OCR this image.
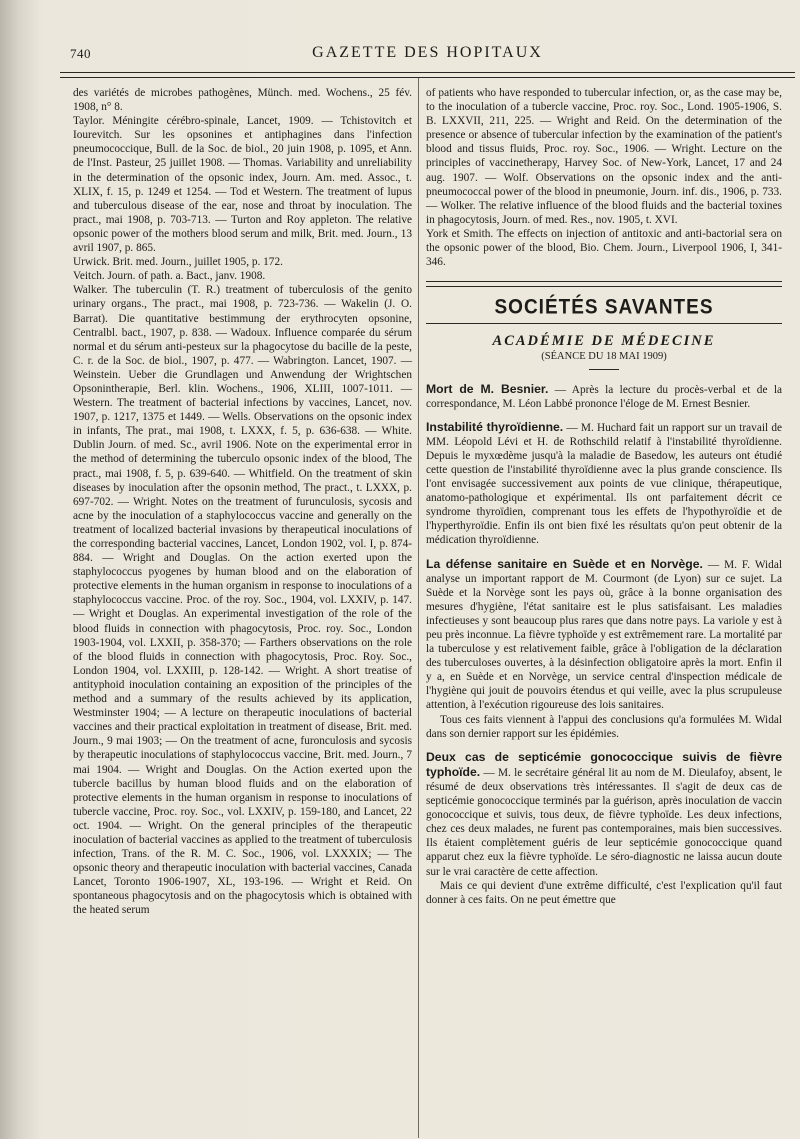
740	GAZETTE DES HOPITAUX

des variétés de microbes pathogènes, Münch. med. Wochens., 25 fév. 1908, n° 8.

Taylor. Méningite cérébro-spinale, Lancet, 1909. — Tchistovitch et Iourevitch. Sur les opsonines et antiphagines dans l'infection pneumococcique, Bull. de la Soc. de biol., 20 juin 1908, p. 1095, et Ann. de l'Inst. Pasteur, 25 juillet 1908. — Thomas. Variability and unreliability in the determination of the opsonic index, Journ. Am. med. Assoc., t. XLIX, f. 15, p. 1249 et 1254. — Tod et Western. The treatment of lupus and tuberculous disease of the ear, nose and throat by inoculation. The pract., mai 1908, p. 703-713. — Turton and Roy appleton. The relative opsonic power of the mothers blood serum and milk, Brit. med. Journ., 13 avril 1907, p. 865.

Urwick. Brit. med. Journ., juillet 1905, p. 172.

Veitch. Journ. of path. a. Bact., janv. 1908.

Walker. The tuberculin (T. R.) treatment of tuberculosis of the genito urinary organs., The pract., mai 1908, p. 723-736. — Wakelin (J. O. Barrat). Die quantitative bestimmung der erythrocyten opsonine, Centralbl. bact., 1907, p. 838. — Wadoux. Influence comparée du sérum normal et du sérum anti-pesteux sur la phagocytose du bacille de la peste, C. r. de la Soc. de biol., 1907, p. 477. — Wabrington. Lancet, 1907. — Weinstein. Ueber die Grundlagen und Anwendung der Wrightschen Opsonintherapie, Berl. klin. Wochens., 1906, XLIII, 1007-1011. — Western. The treatment of bacterial infections by vaccines, Lancet, nov. 1907, p. 1217, 1375 et 1449. — Wells. Observations on the opsonic index in infants, The prat., mai 1908, t. LXXX, f. 5, p. 636-638. — White. Dublin Journ. of med. Sc., avril 1906. Note on the experimental error in the method of determining the tuberculo opsonic index of the blood, The pract., mai 1908, f. 5, p. 639-640. — Whitfield. On the treatment of skin diseases by inoculation after the opsonin method, The pract., t. LXXX, p. 697-702. — Wright. Notes on the treatment of furunculosis, sycosis and acne by the inoculation of a staphylococcus vaccine and generally on the treatment of localized bacterial invasions by therapeutical inoculations of the corresponding bacterial vaccines, Lancet, London 1902, vol. I, p. 874-884. — Wright and Douglas. On the action exerted upon the staphylococcus pyogenes by human blood and on the elaboration of protective elements in the human organism in response to inoculations of a staphylococcus vaccine. Proc. of the roy. Soc., 1904, vol. LXXIV, p. 147. — Wright et Douglas. An experimental investigation of the role of the blood fluids in connection with phagocytosis, Proc. roy. Soc., London 1903-1904, vol. LXXII, p. 358-370; — Farthers observations on the role of the blood fluids in connection with phagocytosis, Proc. Roy. Soc., London 1904, vol. LXXIII, p. 128-142. — Wright. A short treatise of antityphoid inoculation containing an exposition of the principles of the method and a summary of the results achieved by its application, Westminster 1904; — A lecture on therapeutic inoculations of bacterial vaccines and their practical exploitation in treatment of disease, Brit. med. Journ., 9 mai 1903; — On the treatment of acne, furonculosis and sycosis by therapeutic inoculations of staphylococcus vaccine, Brit. med. Journ., 7 mai 1904. — Wright and Douglas. On the Action exerted upon the tubercle bacillus by human blood fluids and on the elaboration of protective elements in the human organism in response to inoculations of tubercle vaccine, Proc. roy. Soc., vol. LXXIV, p. 159-180, and Lancet, 22 oct. 1904. — Wright. On the general principles of the therapeutic inoculation of bacterial vaccines as applied to the treatment of tuberculosis infection, Trans. of the R. M. C. Soc., 1906, vol. LXXXIX; — The opsonic theory and therapeutic inoculation with bacterial vaccines, Canada Lancet, Toronto 1906-1907, XL, 193-196. — Wright et Reid. On spontaneous phagocytosis and on the phagocytosis which is obtained with the heated serum

of patients who have responded to tubercular infection, or, as the case may be, to the inoculation of a tubercle vaccine, Proc. roy. Soc., Lond. 1905-1906, S. B. LXXVII, 211, 225. — Wright and Reid. On the determination of the presence or absence of tubercular infection by the examination of the patient's blood and tissus fluids, Proc. roy. Soc., 1906. — Wright. Lecture on the principles of vaccinetherapy, Harvey Soc. of New-York, Lancet, 17 and 24 aug. 1907. — Wolf. Observations on the opsonic index and the anti-pneumococcal power of the blood in pneumonie, Journ. inf. dis., 1906, p. 733. — Wolker. The relative influence of the blood fluids and the bacterial toxines in phagocytosis, Journ. of med. Res., nov. 1905, t. XVI.

York et Smith. The effects on injection of antitoxic and anti-bactorial sera on the opsonic power of the blood, Bio. Chem. Journ., Liverpool 1906, I, 341-346.

SOCIÉTÉS SAVANTES
ACADÉMIE DE MÉDECINE
(SÉANCE DU 18 MAI 1909)

Mort de M. Besnier. — Après la lecture du procès-verbal et de la correspondance, M. Léon Labbé prononce l'éloge de M. Ernest Besnier.

Instabilité thyroïdienne. — M. Huchard fait un rapport sur un travail de MM. Léopold Lévi et H. de Rothschild relatif à l'instabilité thyroïdienne. Depuis le myxœdème jusqu'à la maladie de Basedow, les auteurs ont étudié cette question de l'instabilité thyroïdienne avec la plus grande conscience. Ils l'ont envisagée successivement aux points de vue clinique, thérapeutique, anatomo-pathologique et expérimental. Ils ont parfaitement décrit ce syndrome thyroïdien, comprenant tous les effets de l'hypothyroïdie et de l'hyperthyroïdie. Enfin ils ont bien fixé les résultats qu'on peut obtenir de la médication thyroïdienne.

La défense sanitaire en Suède et en Norvège. — M. F. Widal analyse un important rapport de M. Courmont (de Lyon) sur ce sujet. La Suède et la Norvège sont les pays où, grâce à la bonne organisation des mesures d'hygiène, l'état sanitaire est le plus satisfaisant. Les maladies infectieuses y sont beaucoup plus rares que dans notre pays. La variole y est à peu près inconnue. La fièvre typhoïde y est extrêmement rare. La mortalité par la tuberculose y est relativement faible, grâce à l'obligation de la déclaration des tuberculoses ouvertes, à la désinfection obligatoire après la mort. Enfin il y a, en Suède et en Norvège, un service central d'inspection médicale de l'hygiène qui jouit de pouvoirs étendus et qui veille, avec la plus scrupuleuse attention, à l'exécution rigoureuse des lois sanitaires.

Tous ces faits viennent à l'appui des conclusions qu'a formulées M. Widal dans son dernier rapport sur les épidémies.

Deux cas de septicémie gonococcique suivis de fièvre typhoïde. — M. le secrétaire général lit au nom de M. Dieulafoy, absent, le résumé de deux observations très intéressantes. Il s'agit de deux cas de septicémie gonococcique terminés par la guérison, après inoculation de vaccin gonococcique et suivis, tous deux, de fièvre typhoïde. Les deux infections, chez ces deux malades, ne furent pas contemporaines, mais bien successives. Ils étaient complètement guéris de leur septicémie gonococcique quand apparut chez eux la fièvre typhoïde. Le séro-diagnostic ne laissa aucun doute sur le vrai caractère de cette affection.

Mais ce qui devient d'une extrême difficulté, c'est l'explication qu'il faut donner à ces faits. On ne peut émettre que
